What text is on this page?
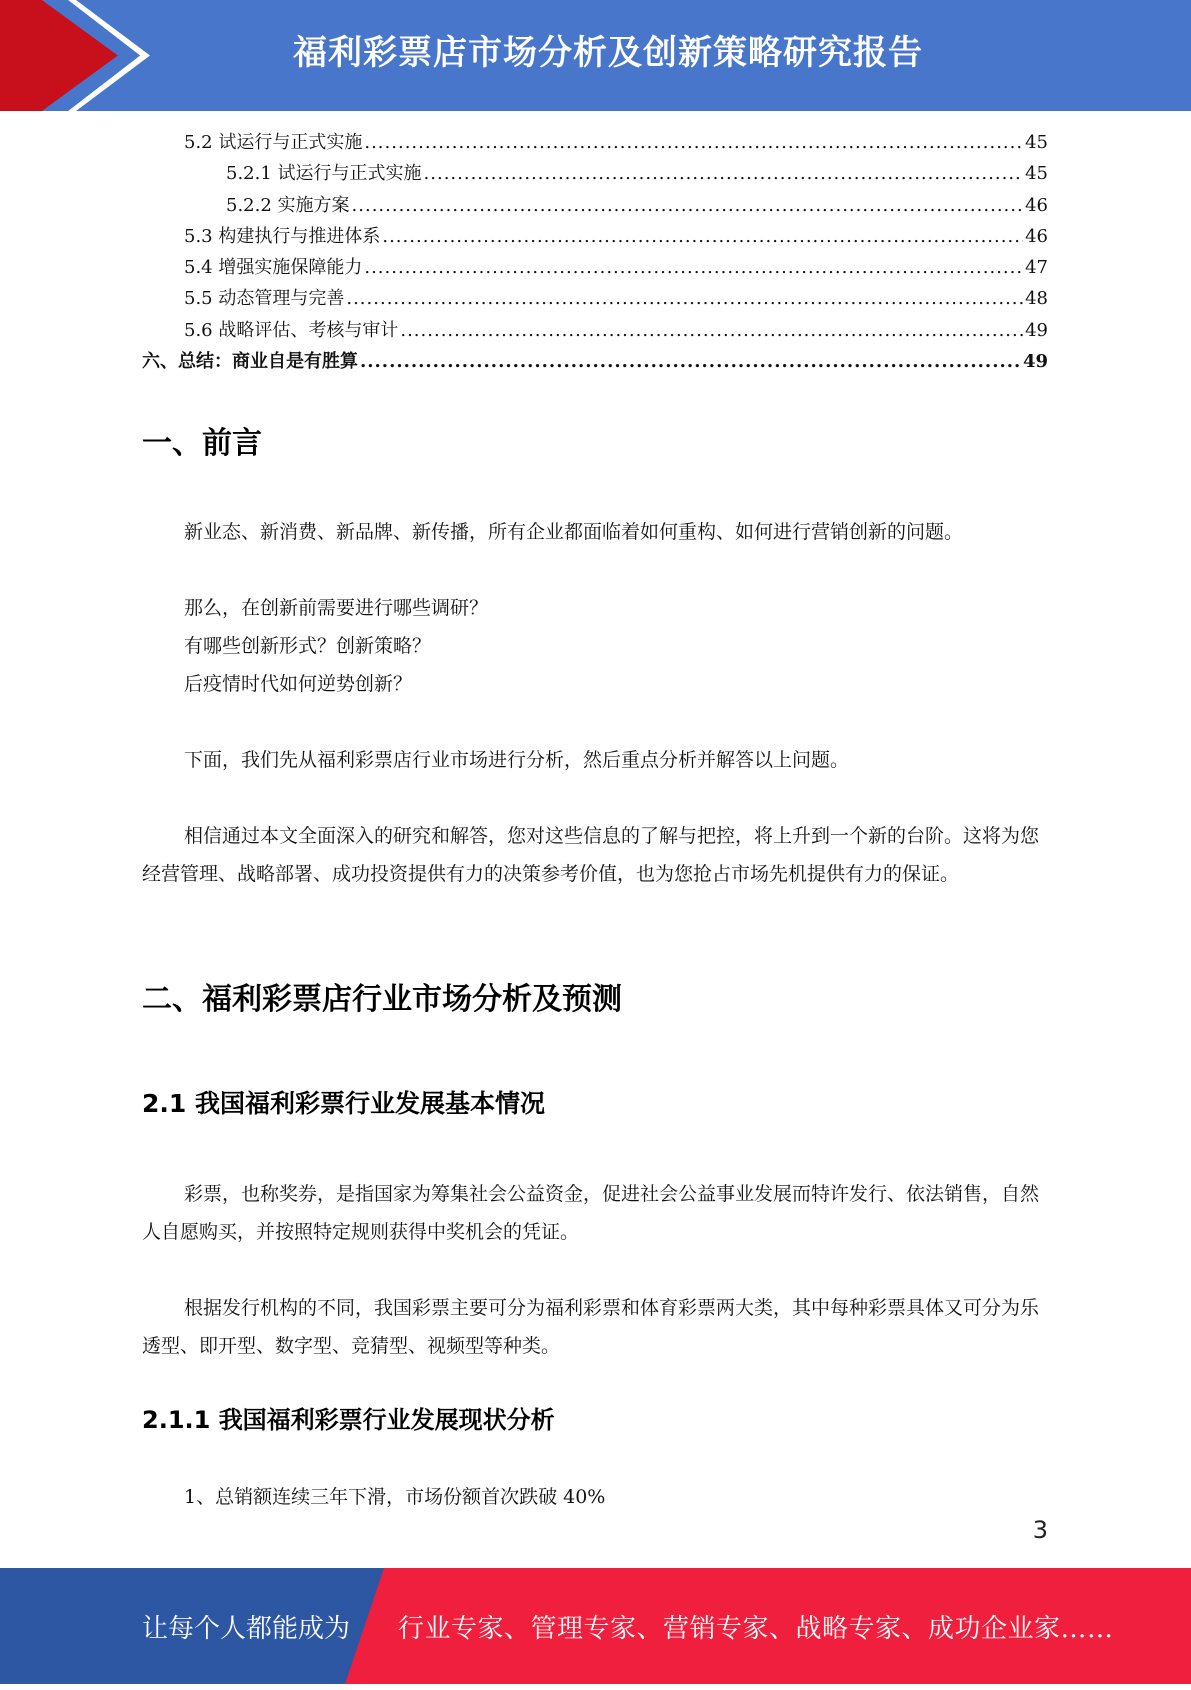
福利彩票店市场分析及创新策略研究报告
5.2 试运行与正式实施 .....	45
5.2.1 试运行与正式实施 .....	45
5.2.2 实施方案 .....	46
5.3 构建执行与推进体系 .....	46
5.4 增强实施保障能力 .....	47
5.5 动态管理与完善 .....	48
5.6 战略评估、考核与审计 .....	49
六、总结：商业自是有胜算 .....	49
一、前言

新业态、新消费、新品牌、新传播，所有企业都面临着如何重构、如何进行营销创新的问题。

那么，在创新前需要进行哪些调研？

有哪些创新形式？创新策略？

后疫情时代如何逆势创新？

下面，我们先从福利彩票店行业市场进行分析，然后重点分析并解答以上问题。

相信通过本文全面深入的研究和解答，您对这些信息的了解与把控，将上升到一个新的台阶。这将为您经营管理、战略部署、成功投资提供有力的决策参考价值，也为您抢占市场先机提供有力的保证。

二、福利彩票店行业市场分析及预测
2.1 我国福利彩票行业发展基本情况

彩票，也称奖券，是指国家为筹集社会公益资金，促进社会公益事业发展而特许发行、依法销售，自然人自愿购买，并按照特定规则获得中奖机会的凭证。

根据发行机构的不同，我国彩票主要可分为福利彩票和体育彩票两大类，其中每种彩票具体又可分为乐透型、即开型、数字型、竞猜型、视频型等种类。

2.1.1 我国福利彩票行业发展现状分析

1、总销额连续三年下滑，市场份额首次跌破 40%

3
让每个人都能成为 行业专家、管理专家、营销专家、战略专家、成功企业家……
